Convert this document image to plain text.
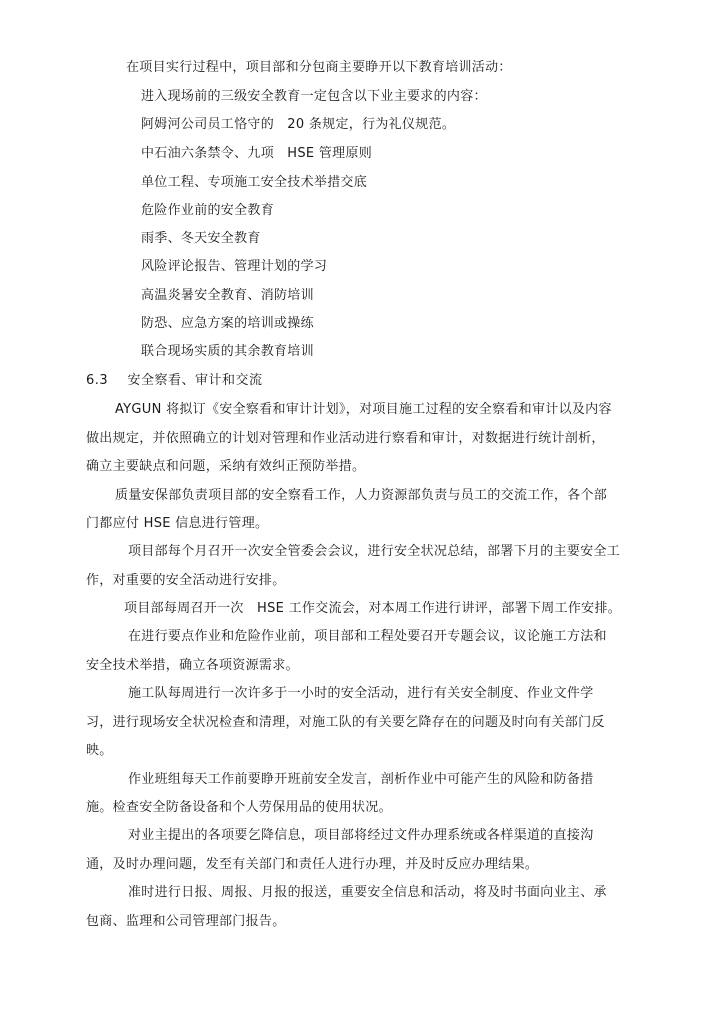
在项目实行过程中，项目部和分包商主要睁开以下教育培训活动：
进入现场前的三级安全教育一定包含以下业主要求的内容：
阿姆河公司员工恪守的　20 条规定，行为礼仪规范。
中石油六条禁令、九项　HSE 管理原则
单位工程、专项施工安全技术举措交底
危险作业前的安全教育
雨季、冬天安全教育
风险评论报告、管理计划的学习
高温炎暑安全教育、消防培训
防恐、应急方案的培训或操练
联合现场实质的其余教育培训
6.3 安全察看、审计和交流
AYGUN 将拟订《安全察看和审计计划》，对项目施工过程的安全察看和审计以及内容
做出规定，并依照确立的计划对管理和作业活动进行察看和审计，对数据进行统计剖析，
确立主要缺点和问题，采纳有效纠正预防举措。
质量安保部负责项目部的安全察看工作，人力资源部负责与员工的交流工作，各个部
门都应付 HSE 信息进行管理。
项目部每个月召开一次安全管委会会议，进行安全状况总结，部署下月的主要安全工
作，对重要的安全活动进行安排。
项目部每周召开一次　HSE 工作交流会，对本周工作进行讲评，部署下周工作安排。
在进行要点作业和危险作业前，项目部和工程处要召开专题会议，议论施工方法和
安全技术举措，确立各项资源需求。
施工队每周进行一次许多于一小时的安全活动，进行有关安全制度、作业文件学
习，进行现场安全状况检查和清理，对施工队的有关要乞降存在的问题及时向有关部门反
映。
作业班组每天工作前要睁开班前安全发言，剖析作业中可能产生的风险和防备措
施。检查安全防备设备和个人劳保用品的使用状况。
对业主提出的各项要乞降信息，项目部将经过文件办理系统或各样渠道的直接沟
通，及时办理问题，发至有关部门和责任人进行办理，并及时反应办理结果。
准时进行日报、周报、月报的报送，重要安全信息和活动，将及时书面向业主、承
包商、监理和公司管理部门报告。
